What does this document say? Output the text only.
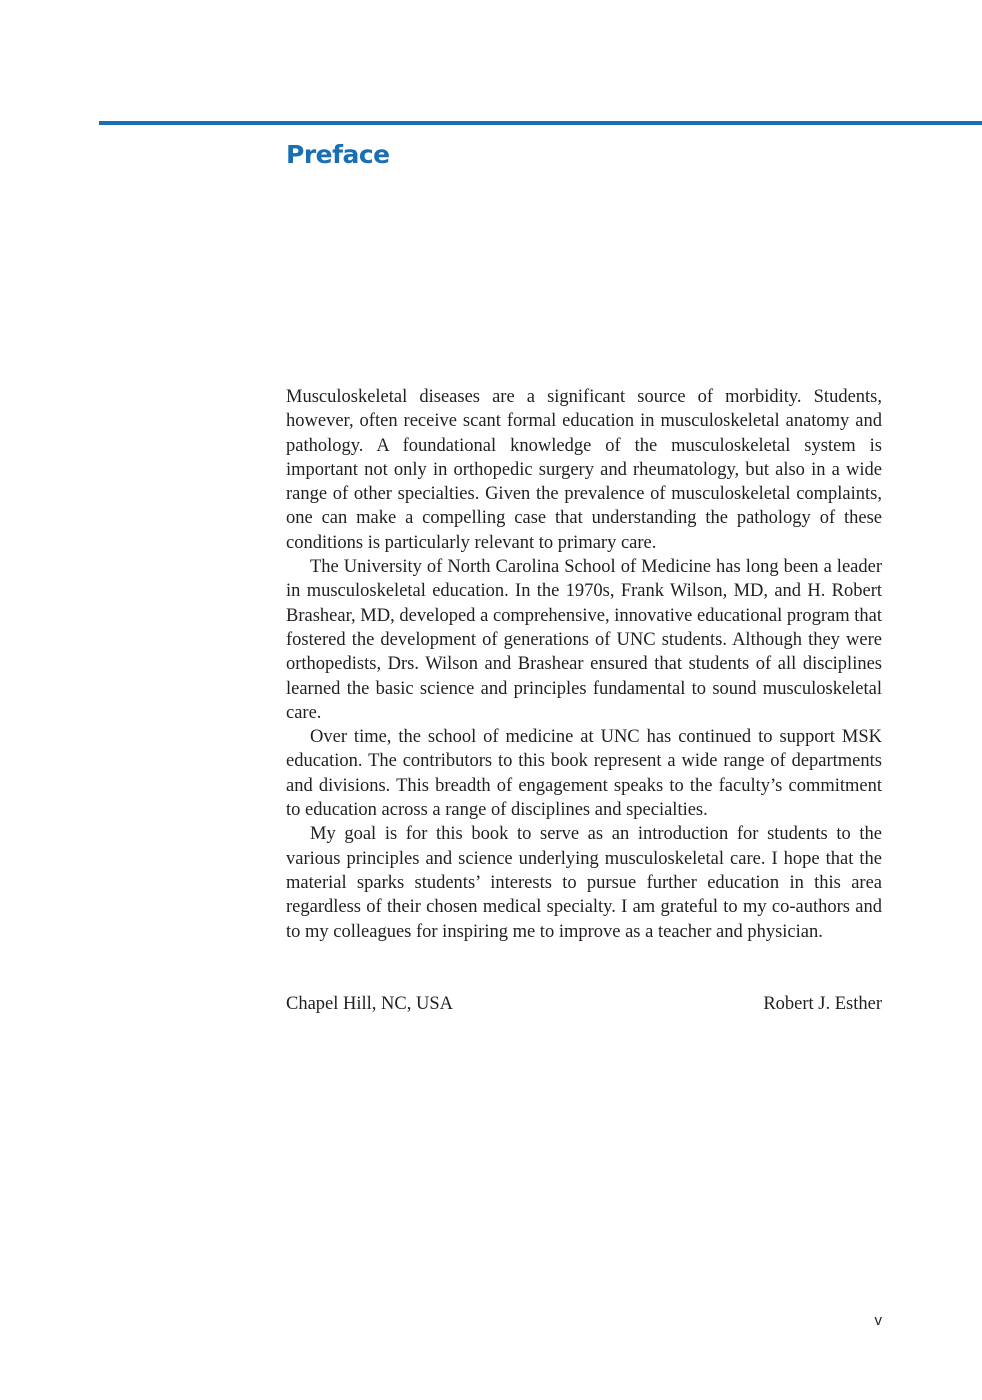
Preface

Musculoskeletal diseases are a significant source of morbidity. Students, however, often receive scant formal education in musculoskeletal anatomy and pathology. A foundational knowledge of the musculoskeletal system is important not only in orthopedic surgery and rheumatology, but also in a wide range of other specialties. Given the prevalence of musculoskeletal complaints, one can make a compelling case that understanding the pathology of these conditions is particularly relevant to primary care.

The University of North Carolina School of Medicine has long been a leader in musculoskeletal education. In the 1970s, Frank Wilson, MD, and H. Robert Brashear, MD, developed a comprehensive, innovative educational program that fostered the development of generations of UNC students. Although they were orthopedists, Drs. Wilson and Brashear ensured that students of all disciplines learned the basic science and principles fundamental to sound musculoskeletal care.

Over time, the school of medicine at UNC has continued to support MSK education. The contributors to this book represent a wide range of departments and divisions. This breadth of engagement speaks to the faculty’s commitment to education across a range of disciplines and specialties.

My goal is for this book to serve as an introduction for students to the various principles and science underlying musculoskeletal care. I hope that the material sparks students’ interests to pursue further education in this area regardless of their chosen medical specialty. I am grateful to my co-authors and to my colleagues for inspiring me to improve as a teacher and physician.

Chapel Hill, NC, USA	Robert J. Esther
v
